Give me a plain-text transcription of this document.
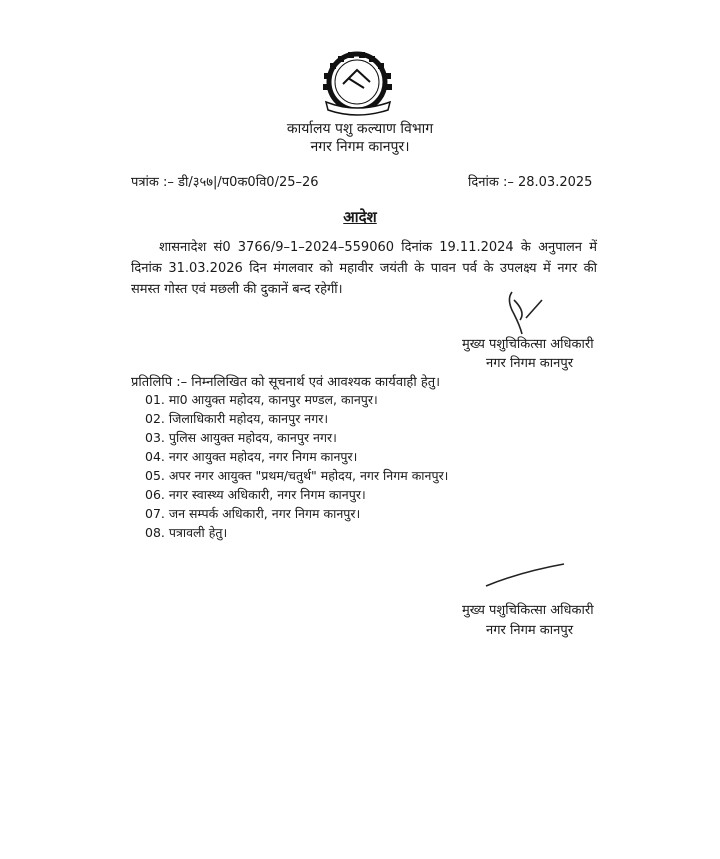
कार्यालय पशु कल्याण विभाग
नगर निगम कानपुर।
पत्रांक :– डी/३५७|/प0क0वि0/25–26	दिनांक :– 28.03.2025
आदेश
शासनादेश सं0 3766/9–1–2024–559060 दिनांक 19.11.2024 के अनुपालन में दिनांक 31.03.2026 दिन मंगलवार को महावीर जयंती के पावन पर्व के उपलक्ष्य में नगर की समस्त गोस्त एवं मछली की दुकानें बन्द रहेगीं।
मुख्य पशुचिकित्सा अधिकारी
नगर निगम कानपुर
प्रतिलिपि :– निम्नलिखित को सूचनार्थ एवं आवश्यक कार्यवाही हेतु।
01. मा0 आयुक्त महोदय, कानपुर मण्डल, कानपुर।
02. जिलाधिकारी महोदय, कानपुर नगर।
03. पुलिस आयुक्त महोदय, कानपुर नगर।
04. नगर आयुक्त महोदय, नगर निगम कानपुर।
05. अपर नगर आयुक्त "प्रथम/चतुर्थ" महोदय, नगर निगम कानपुर।
06. नगर स्वास्थ्य अधिकारी, नगर निगम कानपुर।
07. जन सम्पर्क अधिकारी, नगर निगम कानपुर।
08. पत्रावली हेतु।
मुख्य पशुचिकित्सा अधिकारी
नगर निगम कानपुर
